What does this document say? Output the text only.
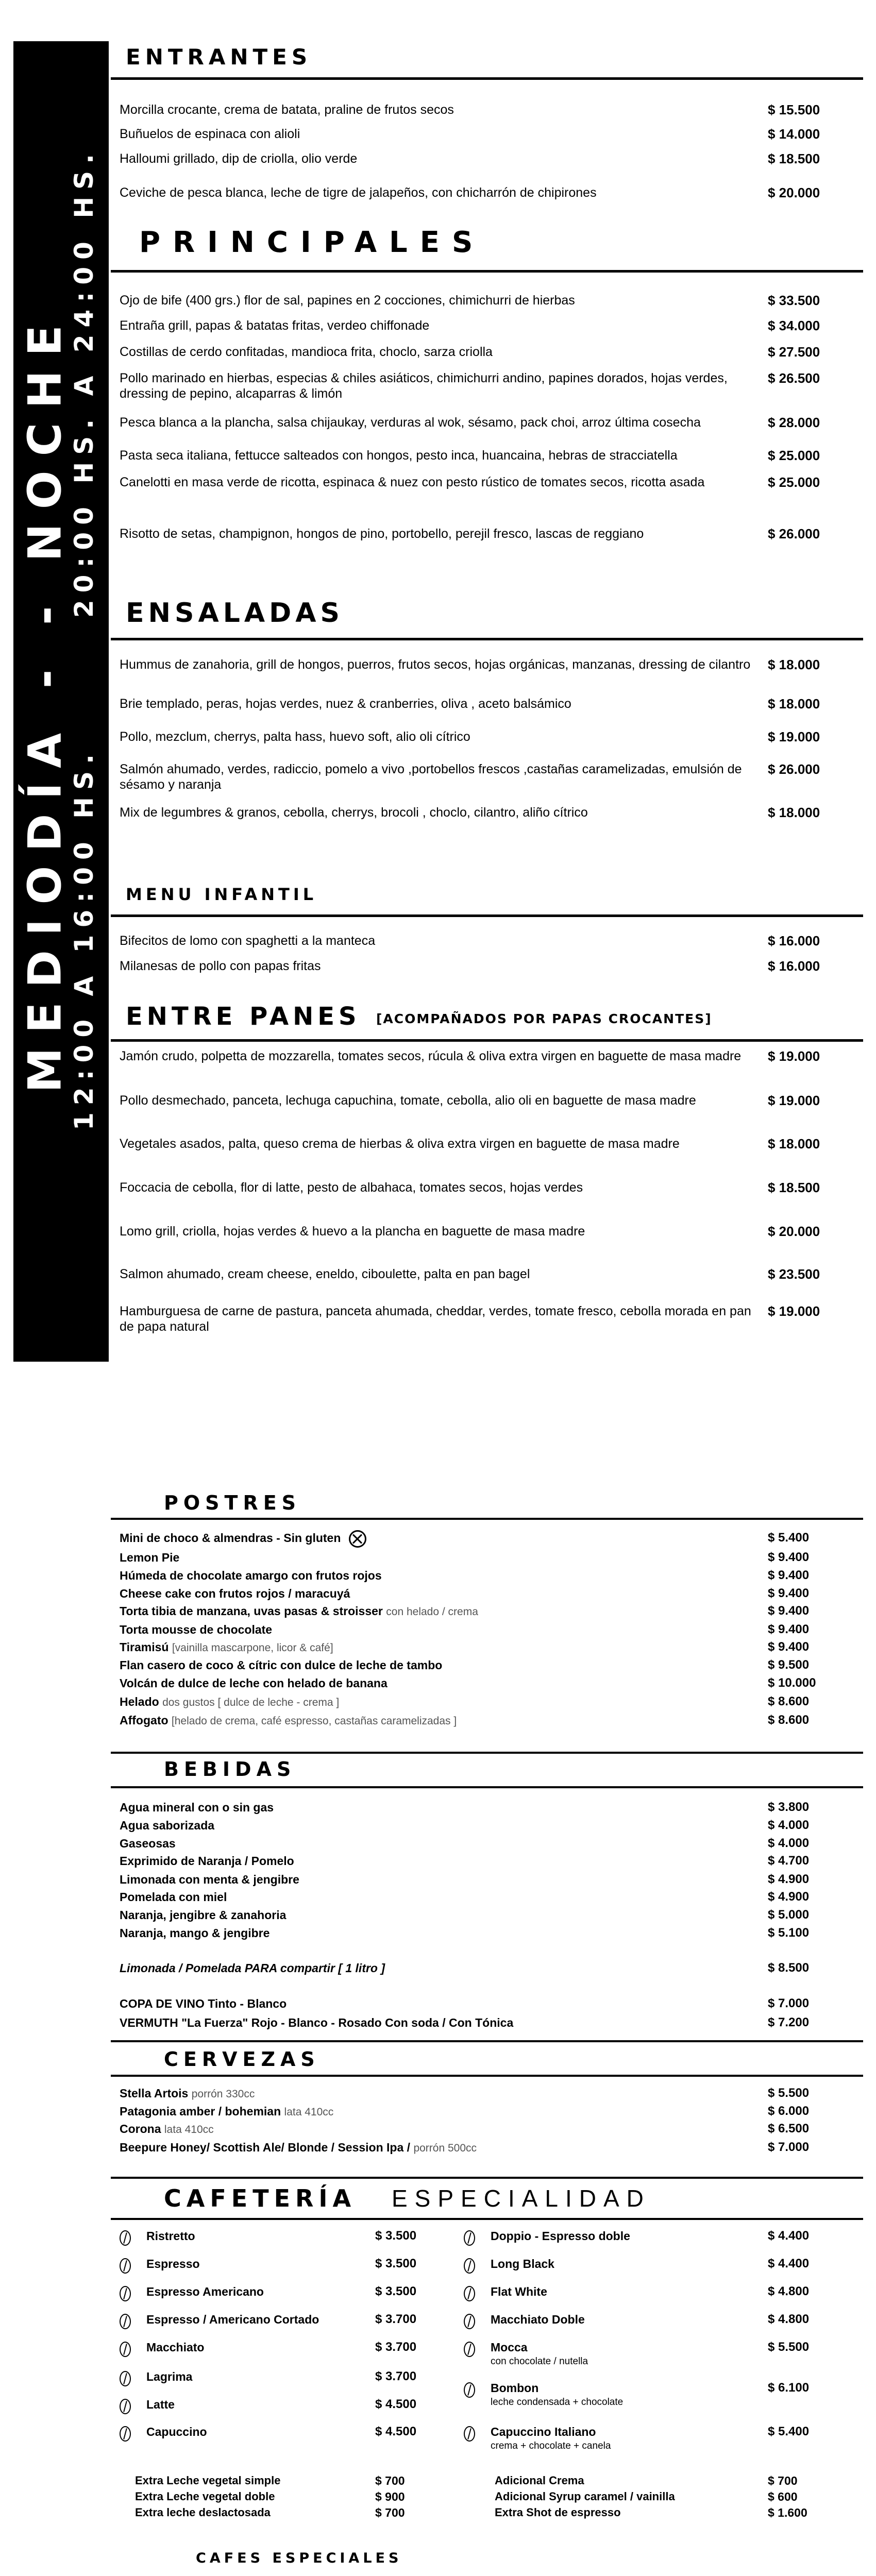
MEDIODÍA - - NOCHE
12:00 A 16:00 HS.
20:00 HS. A 24:00 HS.
ENTRANTES
Morcilla crocante, crema de batata, praline de frutos secos	$ 15.500
Buñuelos de espinaca con alioli	$ 14.000
Halloumi grillado, dip de criolla, olio verde	$ 18.500
Ceviche de pesca blanca, leche de tigre de jalapeños, con chicharrón de chipirones	$ 20.000
PRINCIPALES
Ojo de bife (400 grs.) flor de sal, papines en 2 cocciones, chimichurri de hierbas	$ 33.500
Entraña grill, papas & batatas fritas, verdeo chiffonade	$ 34.000
Costillas de cerdo confitadas, mandioca frita, choclo, sarza criolla	$ 27.500
Pollo marinado en hierbas, especias & chiles asiáticos, chimichurri andino, papines dorados, hojas verdes, dressing de pepino, alcaparras & limón
$ 26.500
Pesca blanca a la plancha, salsa chijaukay, verduras al wok, sésamo, pack choi, arroz última cosecha	$ 28.000
Pasta seca italiana, fettucce salteados con hongos, pesto inca, huancaina, hebras de stracciatella	$ 25.000
Canelotti en masa verde de ricotta, espinaca & nuez con pesto rústico de tomates secos, ricotta asada	$ 25.000
Risotto de setas, champignon, hongos de pino, portobello, perejil fresco, lascas de reggiano	$ 26.000
ENSALADAS
Hummus de zanahoria, grill de hongos, puerros, frutos secos, hojas orgánicas, manzanas, dressing de cilantro	$ 18.000
Brie templado, peras, hojas verdes, nuez & cranberries, oliva , aceto balsámico	$ 18.000
Pollo, mezclum, cherrys, palta hass, huevo soft, alio oli cítrico	$ 19.000
Salmón ahumado, verdes, radiccio, pomelo a vivo ,portobellos frescos ,castañas caramelizadas, emulsión de sésamo y naranja
$ 26.000
Mix de legumbres & granos, cebolla, cherrys, brocoli , choclo, cilantro, aliño cítrico	$ 18.000
MENU INFANTIL
Bifecitos de lomo con spaghetti a la manteca	$ 16.000
Milanesas de pollo con papas fritas	$ 16.000
ENTRE PANES [ACOMPAÑADOS POR PAPAS CROCANTES]
Jamón crudo, polpetta de mozzarella, tomates secos, rúcula & oliva extra virgen en baguette de masa madre	$ 19.000
Pollo desmechado, panceta, lechuga capuchina, tomate, cebolla, alio oli en baguette de masa madre	$ 19.000
Vegetales asados, palta, queso crema de hierbas & oliva extra virgen en baguette de masa madre	$ 18.000
Foccacia de cebolla, flor di latte, pesto de albahaca, tomates secos, hojas verdes	$ 18.500
Lomo grill, criolla, hojas verdes & huevo a la plancha en baguette de masa madre	$ 20.000
Salmon ahumado, cream cheese, eneldo, ciboulette, palta en pan bagel	$ 23.500
Hamburguesa de carne de pastura, panceta ahumada, cheddar, verdes, tomate fresco, cebolla morada en pan de papa natural
$ 19.000
POSTRES
Mini de choco & almendras - Sin gluten	$ 5.400
Lemon Pie	$ 9.400
Húmeda de chocolate amargo con frutos rojos	$ 9.400
Cheese cake con frutos rojos / maracuyá	$ 9.400
Torta tibia de manzana, uvas pasas & stroisser con helado / crema	$ 9.400
Torta mousse de chocolate	$ 9.400
Tiramisú [vainilla mascarpone, licor & café]	$ 9.400
Flan casero de coco & cítric con dulce de leche de tambo	$ 9.500
Volcán de dulce de leche con helado de banana	$ 10.000
Helado dos gustos [ dulce de leche - crema ]	$ 8.600
Affogato [helado de crema, café espresso, castañas caramelizadas ]	$ 8.600
BEBIDAS
Agua mineral con o sin gas	$ 3.800
Agua saborizada	$ 4.000
Gaseosas	$ 4.000
Exprimido de Naranja / Pomelo	$ 4.700
Limonada con menta & jengibre	$ 4.900
Pomelada con miel	$ 4.900
Naranja, jengibre & zanahoria	$ 5.000
Naranja, mango & jengibre	$ 5.100
Limonada / Pomelada PARA compartir [ 1 litro ]	$ 8.500
COPA DE VINO Tinto - Blanco	$ 7.000
VERMUTH "La Fuerza" Rojo - Blanco - Rosado Con soda / Con Tónica	$ 7.200
CERVEZAS
Stella Artois porrón 330cc	$ 5.500
Patagonia amber / bohemian lata 410cc	$ 6.000
Corona lata 410cc	$ 6.500
Beepure Honey/ Scottish Ale/ Blonde / Session Ipa / porrón 500cc	$ 7.000
CAFETERÍA ESPECIALIDAD
Ristretto	$ 3.500
Espresso	$ 3.500
Espresso Americano	$ 3.500
Espresso / Americano Cortado	$ 3.700
Macchiato	$ 3.700
Lagrima	$ 3.700
Latte	$ 4.500
Capuccino	$ 4.500
Doppio - Espresso doble	$ 4.400
Long Black	$ 4.400
Flat White	$ 4.800
Macchiato Doble	$ 4.800
Mocca
con chocolate / nutella
$ 5.500
Bombon
leche condensada + chocolate
$ 6.100
Capuccino Italiano
crema + chocolate + canela
$ 5.400
Extra Leche vegetal simple	$ 700
Extra Leche vegetal doble	$ 900
Extra leche deslactosada	$ 700
Adicional Crema	$ 700
Adicional Syrup caramel / vainilla	$ 600
Extra Shot de espresso	$ 1.600
CAFES ESPECIALES
